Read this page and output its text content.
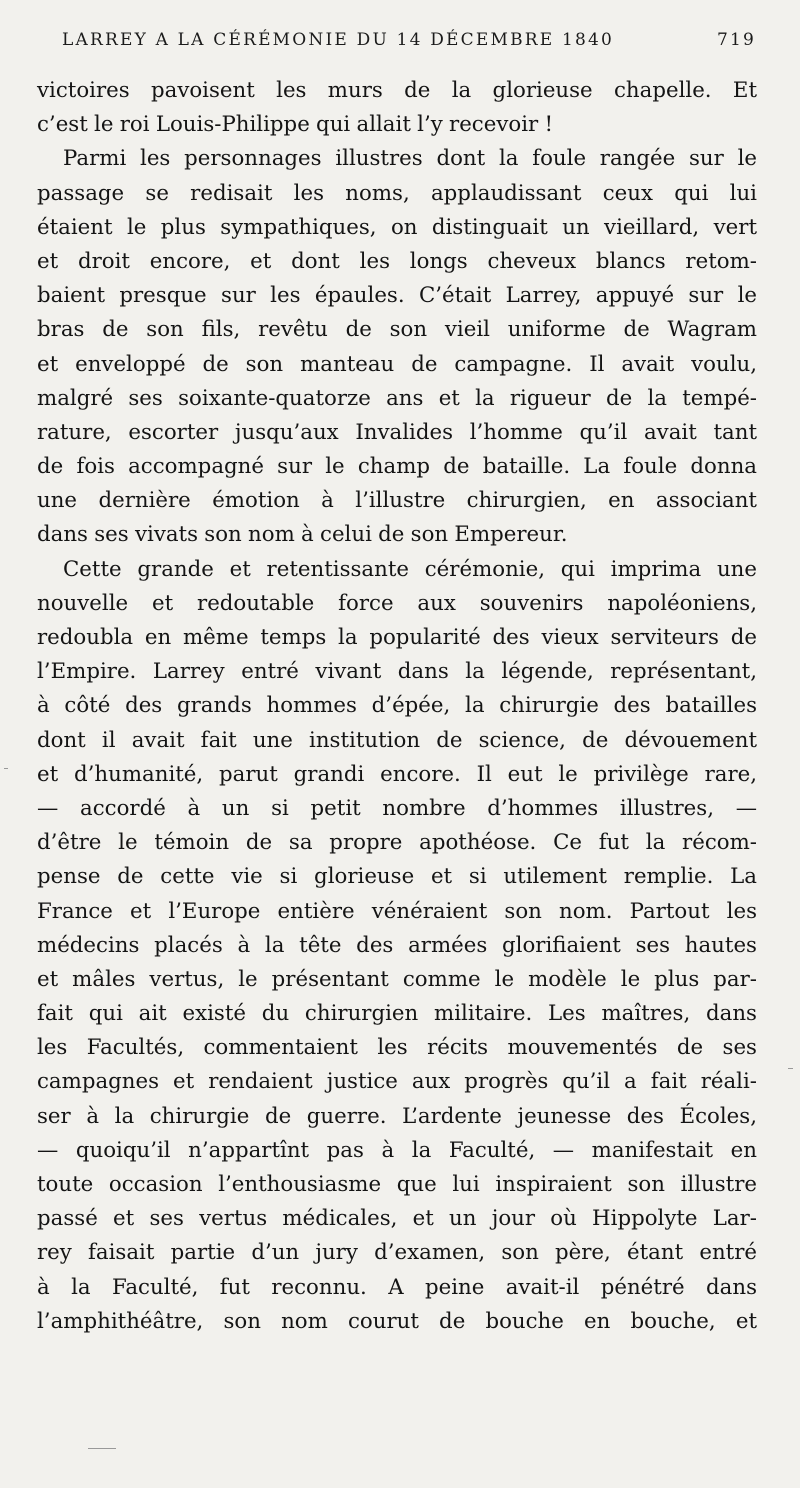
LARREY A LA CÉRÉMONIE DU 14 DÉCEMBRE 1840	719
victoires pavoisent les murs de la glorieuse chapelle. Et
c’est le roi Louis-Philippe qui allait l’y recevoir !
Parmi les personnages illustres dont la foule rangée sur le
passage se redisait les noms, applaudissant ceux qui lui
étaient le plus sympathiques, on distinguait un vieillard, vert
et droit encore, et dont les longs cheveux blancs retom-
baient presque sur les épaules. C’était Larrey, appuyé sur le
bras de son fils, revêtu de son vieil uniforme de Wagram
et enveloppé de son manteau de campagne. Il avait voulu,
malgré ses soixante-quatorze ans et la rigueur de la tempé-
rature, escorter jusqu’aux Invalides l’homme qu’il avait tant
de fois accompagné sur le champ de bataille. La foule donna
une dernière émotion à l’illustre chirurgien, en associant
dans ses vivats son nom à celui de son Empereur.
Cette grande et retentissante cérémonie, qui imprima une
nouvelle et redoutable force aux souvenirs napoléoniens,
redoubla en même temps la popularité des vieux serviteurs de
l’Empire. Larrey entré vivant dans la légende, représentant,
à côté des grands hommes d’épée, la chirurgie des batailles
dont il avait fait une institution de science, de dévouement
et d’humanité, parut grandi encore. Il eut le privilège rare,
— accordé à un si petit nombre d’hommes illustres, —
d’être le témoin de sa propre apothéose. Ce fut la récom-
pense de cette vie si glorieuse et si utilement remplie. La
France et l’Europe entière vénéraient son nom. Partout les
médecins placés à la tête des armées glorifiaient ses hautes
et mâles vertus, le présentant comme le modèle le plus par-
fait qui ait existé du chirurgien militaire. Les maîtres, dans
les Facultés, commentaient les récits mouvementés de ses
campagnes et rendaient justice aux progrès qu’il a fait réali-
ser à la chirurgie de guerre. L’ardente jeunesse des Écoles,
— quoiqu’il n’appartînt pas à la Faculté, — manifestait en
toute occasion l’enthousiasme que lui inspiraient son illustre
passé et ses vertus médicales, et un jour où Hippolyte Lar-
rey faisait partie d’un jury d’examen, son père, étant entré
à la Faculté, fut reconnu. A peine avait-il pénétré dans
l’amphithéâtre, son nom courut de bouche en bouche, et
